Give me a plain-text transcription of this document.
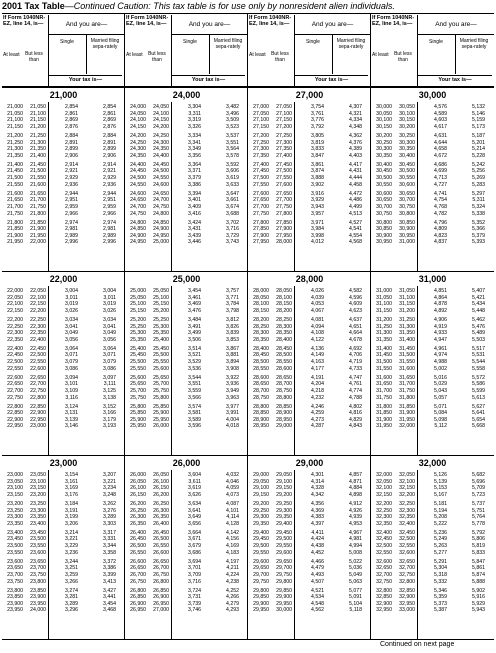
2001 Tax Table—Continued Caution: This tax table is for use only by nonresident alien individuals.
If Form 1040NR-EZ, line 14, is—	And you are—
At least But less than
Single	Married filing sepa-rately
Your tax is—
21,000
21,000	21,050	2,854	2,854
21,050	21,100	2,861	2,861
21,100	21,150	2,869	2,869
21,150	21,200	2,876	2,876
21,200	21,250	2,884	2,884
21,250	21,300	2,891	2,891
21,300	21,350	2,899	2,899
21,350	21,400	2,906	2,906
21,400	21,450	2,914	2,914
21,450	21,500	2,921	2,921
21,500	21,550	2,929	2,929
21,550	21,600	2,936	2,936
21,600	21,650	2,944	2,944
21,650	21,700	2,951	2,951
21,700	21,750	2,959	2,959
21,750	21,800	2,966	2,966
21,800	21,850	2,974	2,974
21,850	21,900	2,981	2,981
21,900	21,950	2,989	2,989
21,950	22,000	2,996	2,996
22,000
22,000	22,050	3,004	3,004
22,050	22,100	3,011	3,011
22,100	22,150	3,019	3,019
22,150	22,200	3,026	3,026
22,200	22,250	3,034	3,034
22,250	22,300	3,041	3,041
22,300	22,350	3,049	3,049
22,350	22,400	3,056	3,056
22,400	22,450	3,064	3,064
22,450	22,500	3,071	3,071
22,500	22,550	3,079	3,079
22,550	22,600	3,086	3,086
22,600	22,650	3,094	3,097
22,650	22,700	3,101	3,111
22,700	22,750	3,109	3,125
22,750	22,800	3,116	3,138
22,800	22,850	3,124	3,152
22,850	22,900	3,131	3,166
22,900	22,950	3,139	3,179
22,950	23,000	3,146	3,193
23,000
23,000	23,050	3,154	3,207
23,050	23,100	3,161	3,221
23,100	23,150	3,169	3,234
23,150	23,200	3,176	3,248
23,200	23,250	3,184	3,262
23,250	23,300	3,191	3,276
23,300	23,350	3,199	3,289
23,350	23,400	3,206	3,303
23,400	23,450	3,214	3,317
23,450	23,500	3,221	3,331
23,500	23,550	3,229	3,344
23,550	23,600	3,236	3,358
23,600	23,650	3,244	3,372
23,650	23,700	3,251	3,386
23,700	23,750	3,259	3,399
23,750	23,800	3,266	3,413
23,800	23,850	3,274	3,427
23,850	23,900	3,281	3,441
23,900	23,950	3,289	3,454
23,950	24,000	3,296	3,468
If Form 1040NR-EZ, line 14, is—	And you are—
At least But less than
Single	Married filing sepa-rately
Your tax is—
24,000
24,000	24,050	3,304	3,482
24,050	24,100	3,311	3,496
24,100	24,150	3,319	3,509
24,150	24,200	3,326	3,523
24,200	24,250	3,334	3,537
24,250	24,300	3,341	3,551
24,300	24,350	3,349	3,564
24,350	24,400	3,356	3,578
24,400	24,450	3,364	3,592
24,450	24,500	3,371	3,606
24,500	24,550	3,379	3,619
24,550	24,600	3,386	3,633
24,600	24,650	3,394	3,647
24,650	24,700	3,401	3,661
24,700	24,750	3,409	3,674
24,750	24,800	3,416	3,688
24,800	24,850	3,424	3,702
24,850	24,900	3,431	3,716
24,900	24,950	3,439	3,729
24,950	25,000	3,446	3,743
25,000
25,000	25,050	3,454	3,757
25,050	25,100	3,461	3,771
25,100	25,150	3,469	3,784
25,150	25,200	3,476	3,798
25,200	25,250	3,484	3,812
25,250	25,300	3,491	3,826
25,300	25,350	3,499	3,839
25,350	25,400	3,506	3,853
25,400	25,450	3,514	3,867
25,450	25,500	3,521	3,881
25,500	25,550	3,529	3,894
25,550	25,600	3,536	3,908
25,600	25,650	3,544	3,922
25,650	25,700	3,551	3,936
25,700	25,750	3,559	3,949
25,750	25,800	3,566	3,963
25,800	25,850	3,574	3,977
25,850	25,900	3,581	3,991
25,900	25,950	3,589	4,004
25,950	26,000	3,596	4,018
26,000
26,000	26,050	3,604	4,032
26,050	26,100	3,611	4,046
26,100	26,150	3,619	4,059
26,150	26,200	3,626	4,073
26,200	26,250	3,634	4,087
26,250	26,300	3,641	4,101
26,300	26,350	3,649	4,114
26,350	26,400	3,656	4,128
26,400	26,450	3,664	4,142
26,450	26,500	3,671	4,156
26,500	26,550	3,679	4,169
26,550	26,600	3,686	4,183
26,600	26,650	3,694	4,197
26,650	26,700	3,701	4,211
26,700	26,750	3,709	4,224
26,750	26,800	3,716	4,238
26,800	26,850	3,724	4,252
26,850	26,900	3,731	4,266
26,900	26,950	3,739	4,279
26,950	27,000	3,746	4,293
If Form 1040NR-EZ, line 14, is—	And you are—
At least But less than
Single	Married filing sepa-rately
Your tax is—
27,000
27,000	27,050	3,754	4,307
27,050	27,100	3,761	4,321
27,100	27,150	3,776	4,334
27,150	27,200	3,792	4,348
27,200	27,250	3,805	4,362
27,250	27,300	3,819	4,376
27,300	27,350	3,833	4,389
27,350	27,400	3,847	4,403
27,400	27,450	3,861	4,417
27,450	27,500	3,874	4,431
27,500	27,550	3,888	4,444
27,550	27,600	3,902	4,458
27,600	27,650	3,916	4,472
27,650	27,700	3,929	4,486
27,700	27,750	3,943	4,499
27,750	27,800	3,957	4,513
27,800	27,850	3,971	4,527
27,850	27,900	3,984	4,541
27,900	27,950	3,998	4,554
27,950	28,000	4,012	4,568
28,000
28,000	28,050	4,026	4,582
28,050	28,100	4,039	4,596
28,100	28,150	4,053	4,609
28,150	28,200	4,067	4,623
28,200	28,250	4,081	4,637
28,250	28,300	4,094	4,651
28,300	28,350	4,108	4,664
28,350	28,400	4,122	4,678
28,400	28,450	4,136	4,692
28,450	28,500	4,149	4,706
28,500	28,550	4,163	4,719
28,550	28,600	4,177	4,733
28,600	28,650	4,191	4,747
28,650	28,700	4,204	4,761
28,700	28,750	4,218	4,774
28,750	28,800	4,232	4,788
28,800	28,850	4,246	4,802
28,850	28,900	4,259	4,816
28,900	28,950	4,273	4,829
28,950	29,000	4,287	4,843
29,000
29,000	29,050	4,301	4,857
29,050	29,100	4,314	4,871
29,100	29,150	4,328	4,884
29,150	29,200	4,342	4,898
29,200	29,250	4,356	4,912
29,250	29,300	4,369	4,926
29,300	29,350	4,383	4,939
29,350	29,400	4,397	4,953
29,400	29,450	4,411	4,967
29,450	29,500	4,424	4,981
29,500	29,550	4,438	4,994
29,550	29,600	4,452	5,008
29,600	29,650	4,466	5,022
29,650	29,700	4,479	5,036
29,700	29,750	4,493	5,049
29,750	29,800	4,507	5,063
29,800	29,850	4,521	5,077
29,850	29,900	4,534	5,091
29,900	29,950	4,548	5,104
29,950	30,000	4,562	5,118
If Form 1040NR-EZ, line 14, is—	And you are—
At least But less than
Single	Married filing sepa-rately
Your tax is—
30,000
30,000	30,050	4,576	5,132
30,050	30,100	4,589	5,146
30,100	30,150	4,603	5,159
30,150	30,200	4,617	5,173
30,200	30,250	4,631	5,187
30,250	30,300	4,644	5,201
30,300	30,350	4,658	5,214
30,350	30,400	4,672	5,228
30,400	30,450	4,686	5,242
30,450	30,500	4,699	5,256
30,500	30,550	4,713	5,269
30,550	30,600	4,727	5,283
30,600	30,650	4,741	5,297
30,650	30,700	4,754	5,311
30,700	30,750	4,768	5,324
30,750	30,800	4,782	5,338
30,800	30,850	4,796	5,352
30,850	30,900	4,809	5,366
30,900	30,950	4,823	5,379
30,950	31,000	4,837	5,393
31,000
31,000	31,050	4,851	5,407
31,050	31,100	4,864	5,421
31,100	31,150	4,878	5,434
31,150	31,200	4,892	5,448
31,200	31,250	4,906	5,462
31,250	31,300	4,919	5,476
31,300	31,350	4,933	5,489
31,350	31,400	4,947	5,503
31,400	31,450	4,961	5,517
31,450	31,500	4,974	5,531
31,500	31,550	4,988	5,544
31,550	31,600	5,002	5,558
31,600	31,650	5,016	5,572
31,650	31,700	5,029	5,586
31,700	31,750	5,043	5,599
31,750	31,800	5,057	5,613
31,800	31,850	5,071	5,627
31,850	31,900	5,084	5,641
31,900	31,950	5,098	5,654
31,950	32,000	5,112	5,668
32,000
32,000	32,050	5,126	5,682
32,050	32,100	5,139	5,696
32,100	32,150	5,153	5,709
32,150	32,200	5,167	5,723
32,200	32,250	5,181	5,737
32,250	32,300	5,194	5,751
32,300	32,350	5,208	5,764
32,350	32,400	5,222	5,778
32,400	32,450	5,236	5,792
32,450	32,500	5,249	5,806
32,500	32,550	5,263	5,819
32,550	32,600	5,277	5,833
32,600	32,650	5,291	5,847
32,650	32,700	5,304	5,861
32,700	32,750	5,318	5,874
32,750	32,800	5,332	5,888
32,800	32,850	5,346	5,902
32,850	32,900	5,359	5,916
32,900	32,950	5,373	5,929
32,950	33,000	5,387	5,943
Continued on next page
